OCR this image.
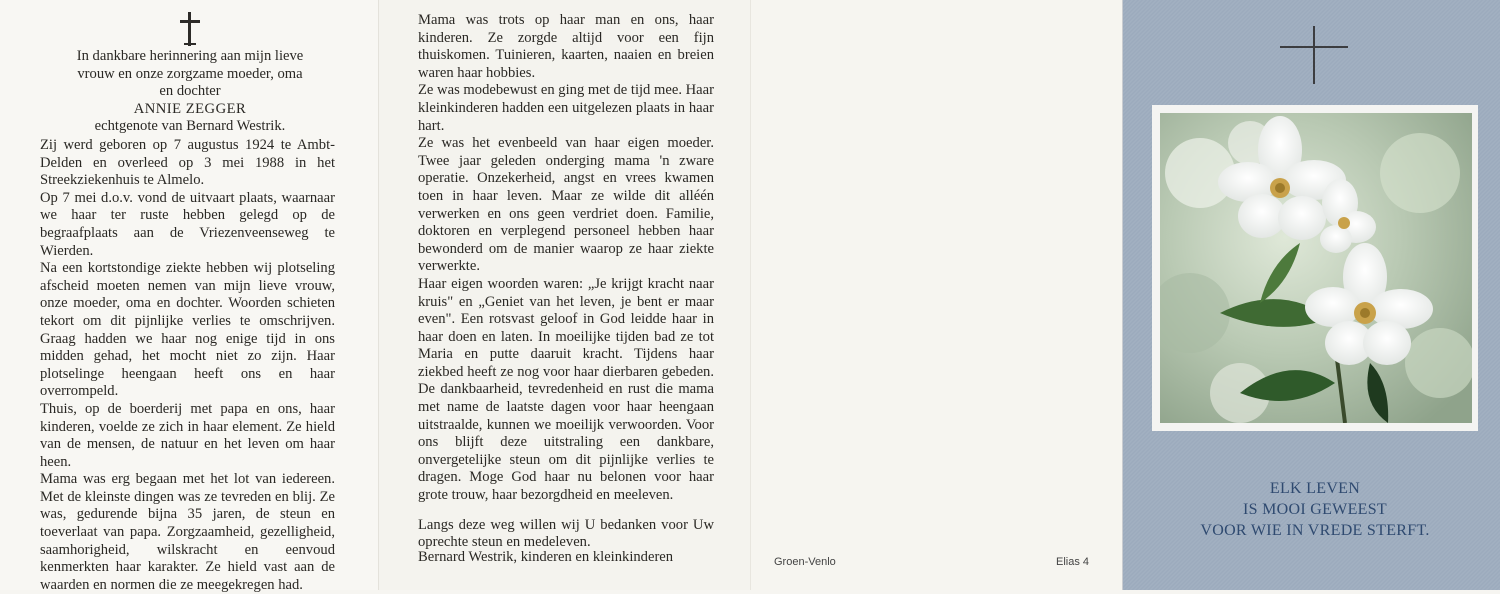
In dankbare herinnering aan mijn lieve
vrouw en onze zorgzame moeder, oma
en dochter
ANNIE ZEGGER
echtgenote van Bernard Westrik.

Zij werd geboren op 7 augustus 1924 te Ambt-Delden en overleed op 3 mei 1988 in het Streekziekenhuis te Almelo.

Op 7 mei d.o.v. vond de uitvaart plaats, waarnaar we haar ter ruste hebben gelegd op de begraafplaats aan de Vriezenveenseweg te Wierden.

Na een kortstondige ziekte hebben wij plotseling afscheid moeten nemen van mijn lieve vrouw, onze moeder, oma en dochter. Woorden schieten tekort om dit pijnlijke verlies te omschrijven. Graag hadden we haar nog enige tijd in ons midden gehad, het mocht niet zo zijn. Haar plotselinge heengaan heeft ons en haar overrompeld.

Thuis, op de boerderij met papa en ons, haar kinderen, voelde ze zich in haar element. Ze hield van de mensen, de natuur en het leven om haar heen.

Mama was erg begaan met het lot van iedereen. Met de kleinste dingen was ze tevreden en blij. Ze was, gedurende bijna 35 jaren, de steun en toeverlaat van papa. Zorgzaamheid, gezelligheid, saamhorigheid, wilskracht en eenvoud kenmerkten haar karakter. Ze hield vast aan de waarden en normen die ze meegekregen had.

Mama was trots op haar man en ons, haar kinderen. Ze zorgde altijd voor een fijn thuiskomen. Tuinieren, kaarten, naaien en breien waren haar hobbies.

Ze was modebewust en ging met de tijd mee. Haar kleinkinderen hadden een uitgelezen plaats in haar hart.

Ze was het evenbeeld van haar eigen moeder. Twee jaar geleden onderging mama 'n zware operatie. Onzekerheid, angst en vrees kwamen toen in haar leven. Maar ze wilde dit alléén verwerken en ons geen verdriet doen. Familie, doktoren en verplegend personeel hebben haar bewonderd om de manier waarop ze haar ziekte verwerkte.

Haar eigen woorden waren: „Je krijgt kracht naar kruis" en „Geniet van het leven, je bent er maar even". Een rotsvast geloof in God leidde haar in haar doen en laten. In moeilijke tijden bad ze tot Maria en putte daaruit kracht. Tijdens haar ziekbed heeft ze nog voor haar dierbaren gebeden. De dankbaarheid, tevredenheid en rust die mama met name de laatste dagen voor haar heengaan uitstraalde, kunnen we moeilijk verwoorden. Voor ons blijft deze uitstraling een dankbare, onvergetelijke steun om dit pijnlijke verlies te dragen. Moge God haar nu belonen voor haar grote trouw, haar bezorgdheid en meeleven.

Langs deze weg willen wij U bedanken voor Uw oprechte steun en medeleven.

Bernard Westrik, kinderen en kleinkinderen	Groen-Venlo	Elias 4
ELK LEVEN
IS MOOI GEWEEST
VOOR WIE IN VREDE STERFT.
